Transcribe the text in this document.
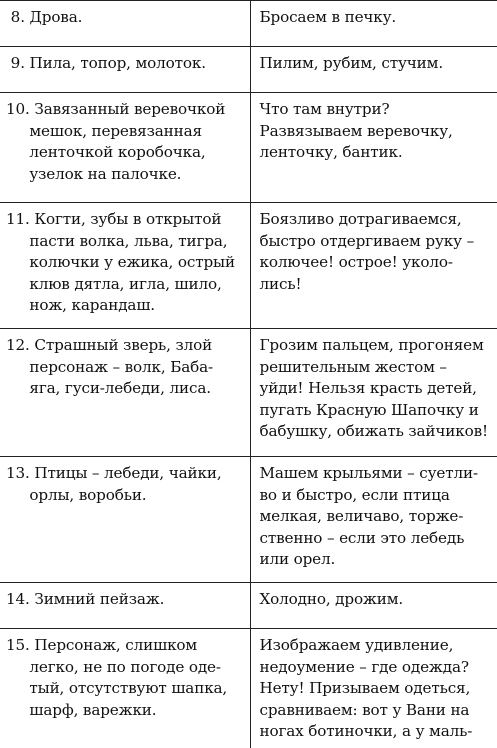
8. Дрова.	Бросаем в печку.
9. Пила, топор, молоток.	Пилим, рубим, стучим.
10. Завязанный веревочкой
мешок, перевязанная
ленточкой коробочка,
узелок на палочке.	Что там внутри?
Развязываем веревочку,
ленточку, бантик.
11. Когти, зубы в открытой
пасти волка, льва, тигра,
колючки у ежика, острый
клюв дятла, игла, шило,
нож, карандаш.	Боязливо дотрагиваемся,
быстро отдергиваем руку –
колючее! острое! уколо-
лись!
12. Страшный зверь, злой
персонаж – волк, Баба-
яга, гуси-лебеди, лиса.	Грозим пальцем, прогоняем
решительным жестом –
уйди! Нельзя красть детей,
пугать Красную Шапочку и
бабушку, обижать зайчиков!
13. Птицы – лебеди, чайки,
орлы, воробьи.	Машем крыльями – суетли-
во и быстро, если птица
мелкая, величаво, торже-
ственно – если это лебедь
или орел.
14. Зимний пейзаж.	Холодно, дрожим.
15. Персонаж, слишком
легко, не по погоде оде-
тый, отсутствуют шапка,
шарф, варежки.	Изображаем удивление,
недоумение – где одежда?
Нету! Призываем одеться,
сравниваем: вот у Вани на
ногах ботиночки, а у маль-
